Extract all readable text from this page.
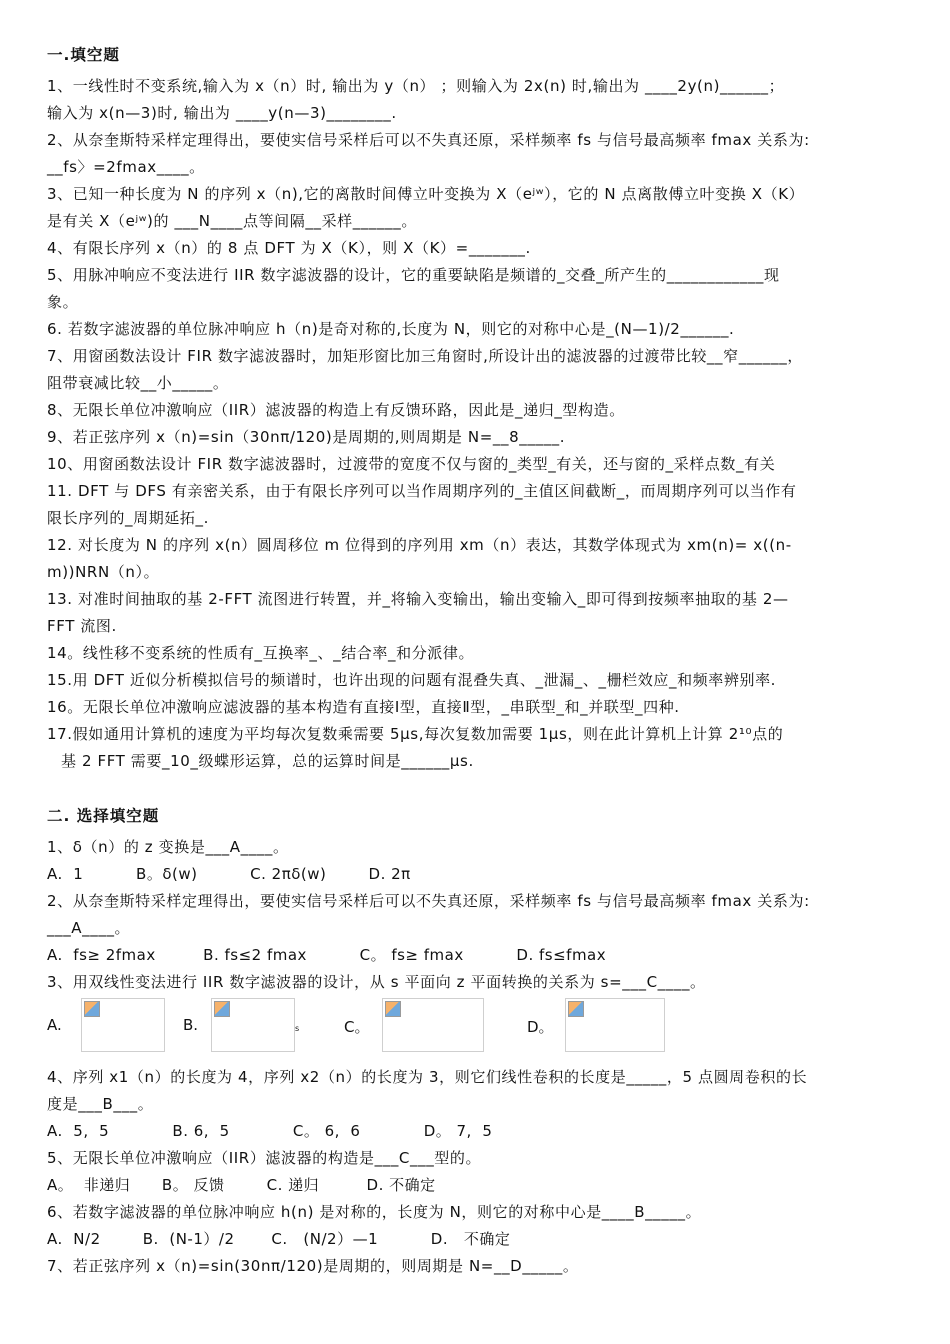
一.填空题
1、一线性时不变系统,输入为 x（n）时, 输出为 y（n） ；则输入为 2x(n) 时,输出为 ____2y(n)______；
输入为 x(n—3)时, 输出为 ____y(n—3)________.
2、从奈奎斯特采样定理得出，要使实信号采样后可以不失真还原，采样频率 fs 与信号最高频率 fmax 关系为:
__fs〉=2fmax____。
3、已知一种长度为 N 的序列 x（n),它的离散时间傅立叶变换为 X（eʲʷ），它的 N 点离散傅立叶变换 X（K）
是有关 X（eʲʷ)的 ___N____点等间隔__采样______。
4、有限长序列 x（n）的 8 点 DFT 为 X（K），则 X（K）=_______.
5、用脉冲响应不变法进行 IIR 数字滤波器的设计，它的重要缺陷是频谱的_交叠_所产生的____________现
象。
6. 若数字滤波器的单位脉冲响应 h（n)是奇对称的,长度为 N，则它的对称中心是_(N—1)/2______.
7、用窗函数法设计 FIR 数字滤波器时，加矩形窗比加三角窗时,所设计出的滤波器的过渡带比较__窄______，
阻带衰减比较__小_____。
8、无限长单位冲激响应（IIR）滤波器的构造上有反馈环路，因此是_递归_型构造。
9、若正弦序列 x（n)=sin（30nπ/120)是周期的,则周期是 N=__8_____.
10、用窗函数法设计 FIR 数字滤波器时，过渡带的宽度不仅与窗的_类型_有关，还与窗的_采样点数_有关
11. DFT 与 DFS 有亲密关系，由于有限长序列可以当作周期序列的_主值区间截断_，而周期序列可以当作有
限长序列的_周期延拓_.
12. 对长度为 N 的序列 x(n）圆周移位 m 位得到的序列用 xm（n）表达，其数学体现式为 xm(n)= x((n-
m))NRN（n）。
13. 对准时间抽取的基 2-FFT 流图进行转置，并_将输入变输出，输出变输入_即可得到按频率抽取的基 2—
FFT 流图.
14。线性移不变系统的性质有_互换率_、_结合率_和分派律。
15.用 DFT 近似分析模拟信号的频谱时，也许出现的问题有混叠失真、_泄漏_、_栅栏效应_和频率辨别率.
16。无限长单位冲激响应滤波器的基本构造有直接Ⅰ型，直接Ⅱ型，_串联型_和_并联型_四种.
17.假如通用计算机的速度为平均每次复数乘需要 5μs,每次复数加需要 1μs，则在此计算机上计算 2¹⁰点的
基 2 FFT 需要_10_级蝶形运算，总的运算时间是______μs.
二. 选择填空题
1、δ（n）的 z 变换是___A____。
A.  1          B。δ(w)          C. 2πδ(w)        D. 2π
2、从奈奎斯特采样定理得出，要使实信号采样后可以不失真还原，采样频率 fs 与信号最高频率 fmax 关系为:
___A____。
A.  fs≥ 2fmax         B. fs≤2 fmax          C。 fs≥ fmax          D. fs≤fmax
3、用双线性变法进行 IIR 数字滤波器的设计，从 s 平面向 z 平面转换的关系为 s=___C____。
A.	B.	s	C。	D。
4、序列 x1（n）的长度为 4，序列 x2（n）的长度为 3，则它们线性卷积的长度是_____，5 点圆周卷积的长
度是___B___。
A.  5,  5            B. 6,  5            C。 6,  6            D。 7,  5
5、无限长单位冲激响应（IIR）滤波器的构造是___C___型的。
A。  非递归      B。 反馈        C. 递归         D. 不确定
6、若数字滤波器的单位脉冲响应 h(n) 是对称的，长度为 N，则它的对称中心是____B_____。
A.  N/2        B.  (N-1）/2       C.   (N/2）—1          D.   不确定
7、若正弦序列 x（n)=sin(30nπ/120)是周期的，则周期是 N=__D_____。
